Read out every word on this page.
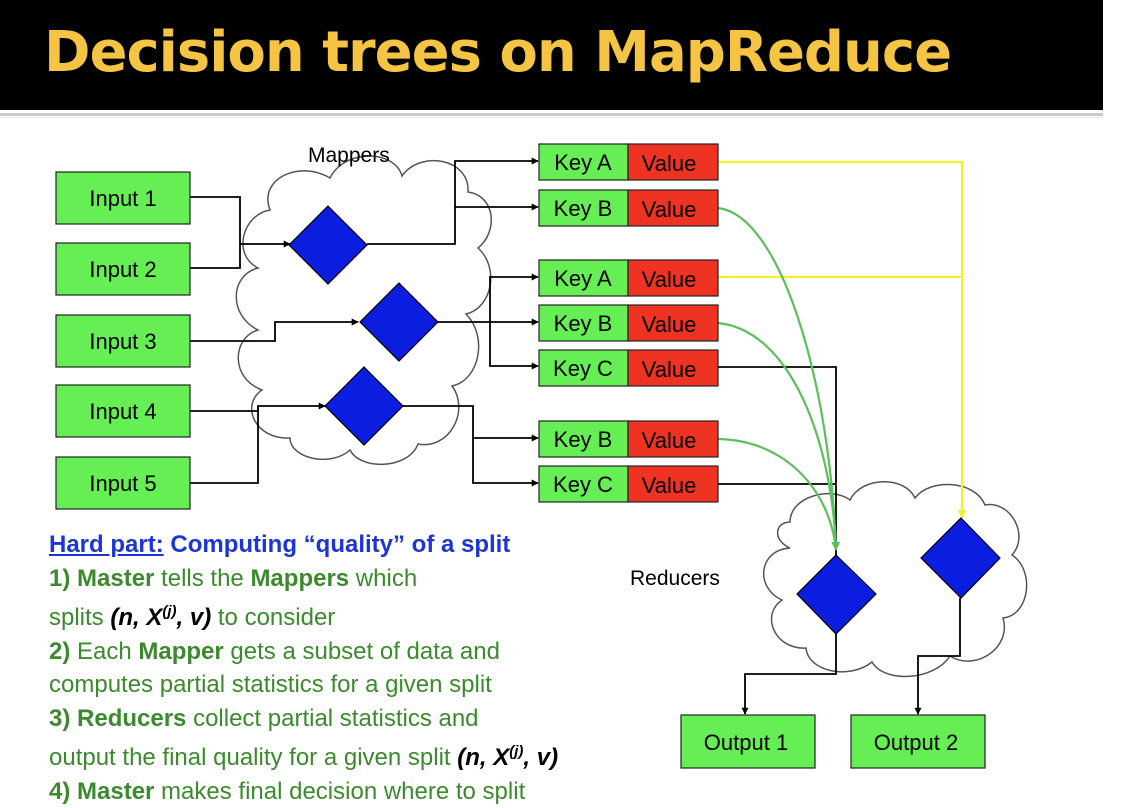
Decision trees on MapReduce
Mappers
Reducers
Input 1
Input 2
Input 3
Input 4
Input 5
Key A Value
Key B Value
Key A Value
Key B Value
Key C Value
Key B Value
Key C Value
Output 1	Output 2
Hard part: Computing “quality” of a split
1) Master tells the Mappers which
splits (n, $X^{(j)}$, v) to consider
2) Each Mapper gets a subset of data and
computes partial statistics for a given split
3) Reducers collect partial statistics and
output the final quality for a given split (n, $X^{(j)}$, v)
4) Master makes final decision where to split
